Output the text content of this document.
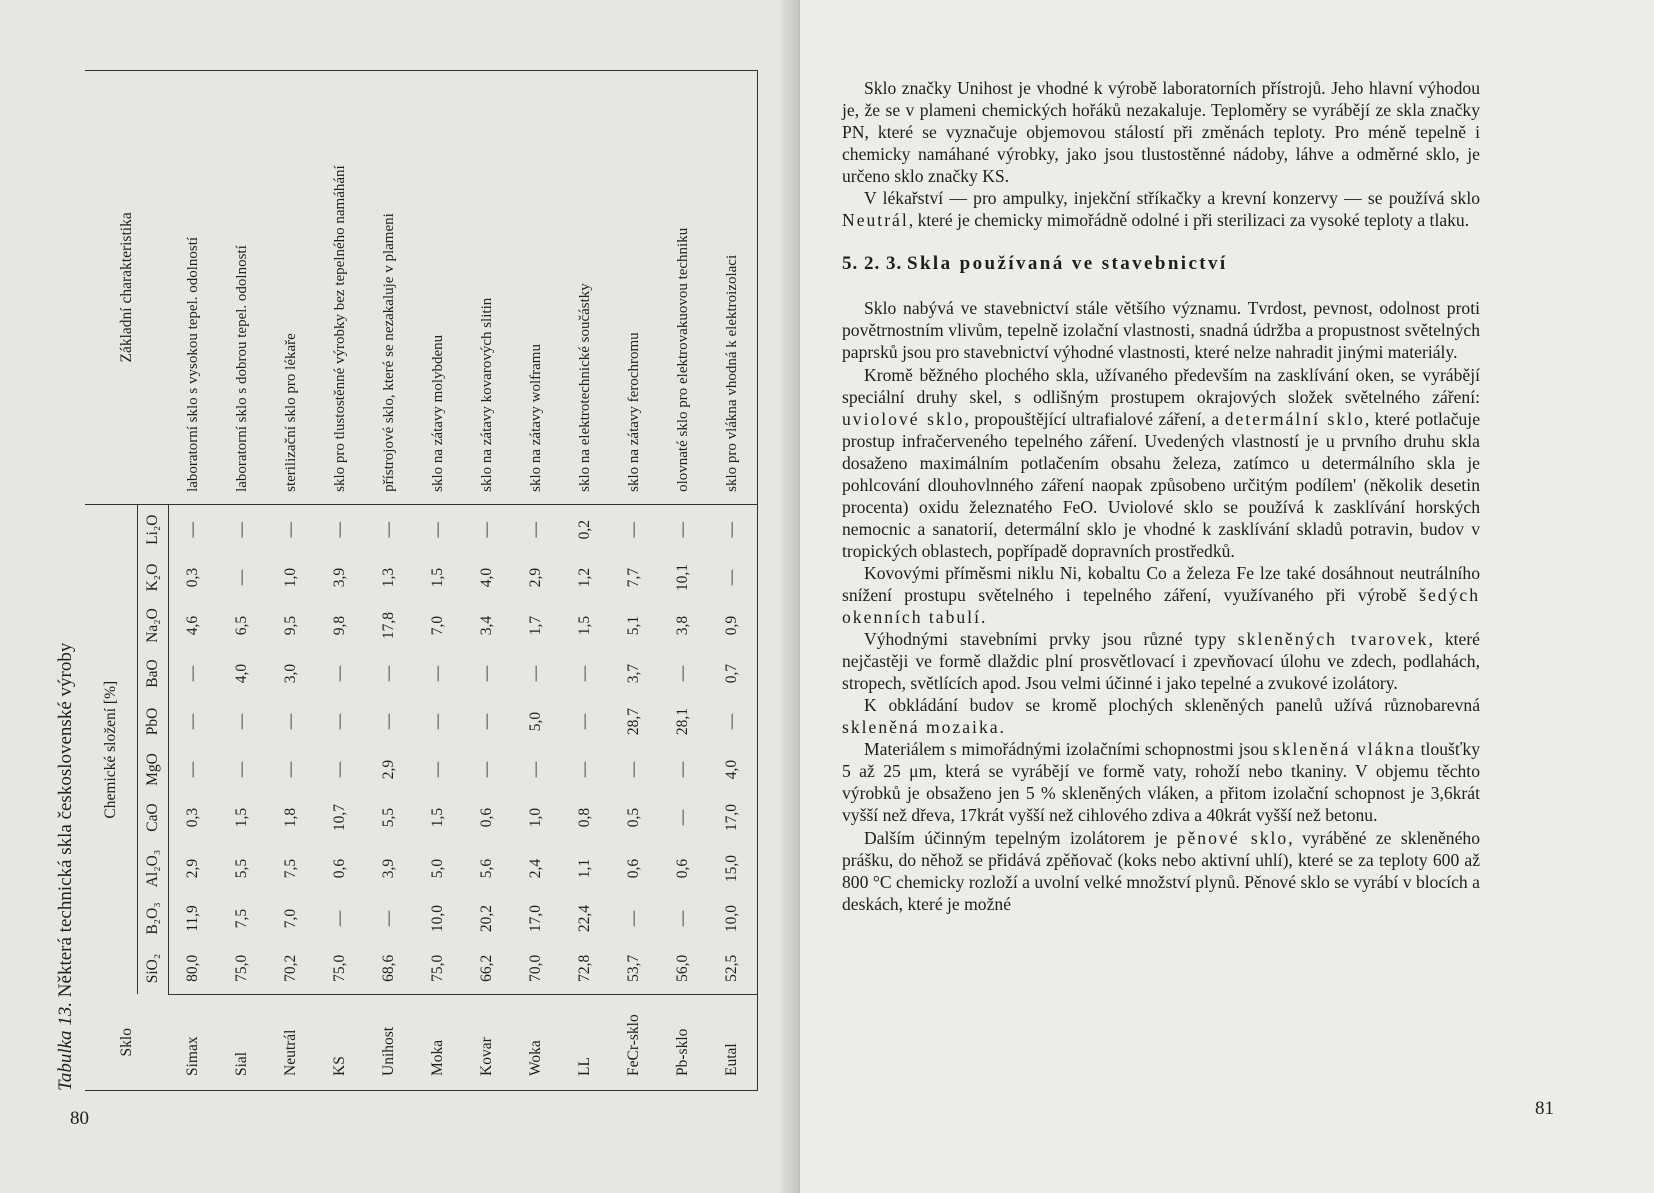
Tabulka 13. Některá technická skla československé výroby
Sklo	Chemické složení [%]										Základní charakteristika
	SiO₂	B₂O₃	Al₂O₃	CaO	MgO	PbO	BaO	Na₂O	K₂O	Li₂O	
Simax	80,0	11,9	2,9	0,3	—	—	—	4,6	0,3	—	laboratorní sklo s vysokou tepel. odolností
Sial	75,0	7,5	5,5	1,5	—	—	4,0	6,5	—	—	laboratorní sklo s dobrou tepel. odolností
Neutrál	70,2	7,0	7,5	1,8	—	—	3,0	9,5	1,0	—	sterilizační sklo pro lékaře
KS	75,0	—	0,6	10,7	—	—	—	9,8	3,9	—	sklo pro tlustostěnné výrobky bez tepelného namáhání
Unihost	68,6	—	3,9	5,5	2,9	—	—	17,8	1,3	—	přístrojové sklo, které se nezakaluje v plameni
Moka	75,0	10,0	5,0	1,5	—	—	—	7,0	1,5	—	sklo na zátavy molybdenu
Kovar	66,2	20,2	5,6	0,6	—	—	—	3,4	4,0	—	sklo na zátavy kovarových slitin
Woka	70,0	17,0	2,4	1,0	—	5,0	—	1,7	2,9	—	sklo na zátavy wolframu
LL	72,8	22,4	1,1	0,8	—	—	—	1,5	1,2	0,2	sklo na elektrotechnické součástky
FeCr-sklo	53,7	—	0,6	0,5	—	28,7	3,7	5,1	7,7	—	sklo na zátavy ferochromu
Pb-sklo	56,0	—	0,6	—	—	28,1	—	3,8	10,1	—	olovnaté sklo pro elektrovakuovou techniku
Eutal	52,5	10,0	15,0	17,0	4,0	—	0,7	0,9	—	—	sklo pro vlákna vhodná k elektroizolaci
80

Sklo značky Unihost je vhodné k výrobě laboratorních přístrojů. Jeho hlavní výhodou je, že se v plameni chemických hořáků nezakaluje. Teploměry se vyrábějí ze skla značky PN, které se vyznačuje objemovou stálostí při změnách teploty. Pro méně tepelně i chemicky namáhané výrobky, jako jsou tlustostěnné nádoby, láhve a odměrné sklo, je určeno sklo značky KS.

V lékařství — pro ampulky, injekční stříkačky a krevní konzervy — se používá sklo Neutrál, které je chemicky mimořádně odolné i při sterilizaci za vysoké teploty a tlaku.

5. 2. 3. Skla používaná ve stavebnictví

Sklo nabývá ve stavebnictví stále většího významu. Tvrdost, pevnost, odolnost proti povětrnostním vlivům, tepelně izolační vlastnosti, snadná údržba a propustnost světelných paprsků jsou pro stavebnictví výhodné vlastnosti, které nelze nahradit jinými materiály.

Kromě běžného plochého skla, užívaného především na zasklívání oken, se vyrábějí speciální druhy skel, s odlišným prostupem okrajových složek světelného záření: uviolové sklo, propouštějící ultrafialové záření, a determální sklo, které potlačuje prostup infračerveného tepelného záření. Uvedených vlastností je u prvního druhu skla dosaženo maximálním potlačením obsahu železa, zatímco u determálního skla je pohlcování dlouhovlnného záření naopak způsobeno určitým podílem' (několik desetin procenta) oxidu železnatého FeO. Uviolové sklo se používá k zasklívání horských nemocnic a sanatorií, determální sklo je vhodné k zasklívání skladů potravin, budov v tropických oblastech, popřípadě dopravních prostředků.

Kovovými příměsmi niklu Ni, kobaltu Co a železa Fe lze také dosáhnout neutrálního snížení prostupu světelného i tepelného záření, využívaného při výrobě šedých okenních tabulí.

Výhodnými stavebními prvky jsou různé typy skleněných tvarovek, které nejčastěji ve formě dlaždic plní prosvětlovací i zpevňovací úlohu ve zdech, podlahách, stropech, světlících apod. Jsou velmi účinné i jako tepelné a zvukové izolátory.

K obkládání budov se kromě plochých skleněných panelů užívá různobarevná skleněná mozaika.

Materiálem s mimořádnými izolačními schopnostmi jsou skleněná vlákna tloušťky 5 až 25 μm, která se vyrábějí ve formě vaty, rohoží nebo tkaniny. V objemu těchto výrobků je obsaženo jen 5 % skleněných vláken, a přitom izolační schopnost je 3,6krát vyšší než dřeva, 17krát vyšší než cihlového zdiva a 40krát vyšší než betonu.

Dalším účinným tepelným izolátorem je pěnové sklo, vyráběné ze skleněného prášku, do něhož se přidává zpěňovač (koks nebo aktivní uhlí), které se za teploty 600 až 800 °C chemicky rozloží a uvolní velké množství plynů. Pěnové sklo se vyrábí v blocích a deskách, které je možné

81
